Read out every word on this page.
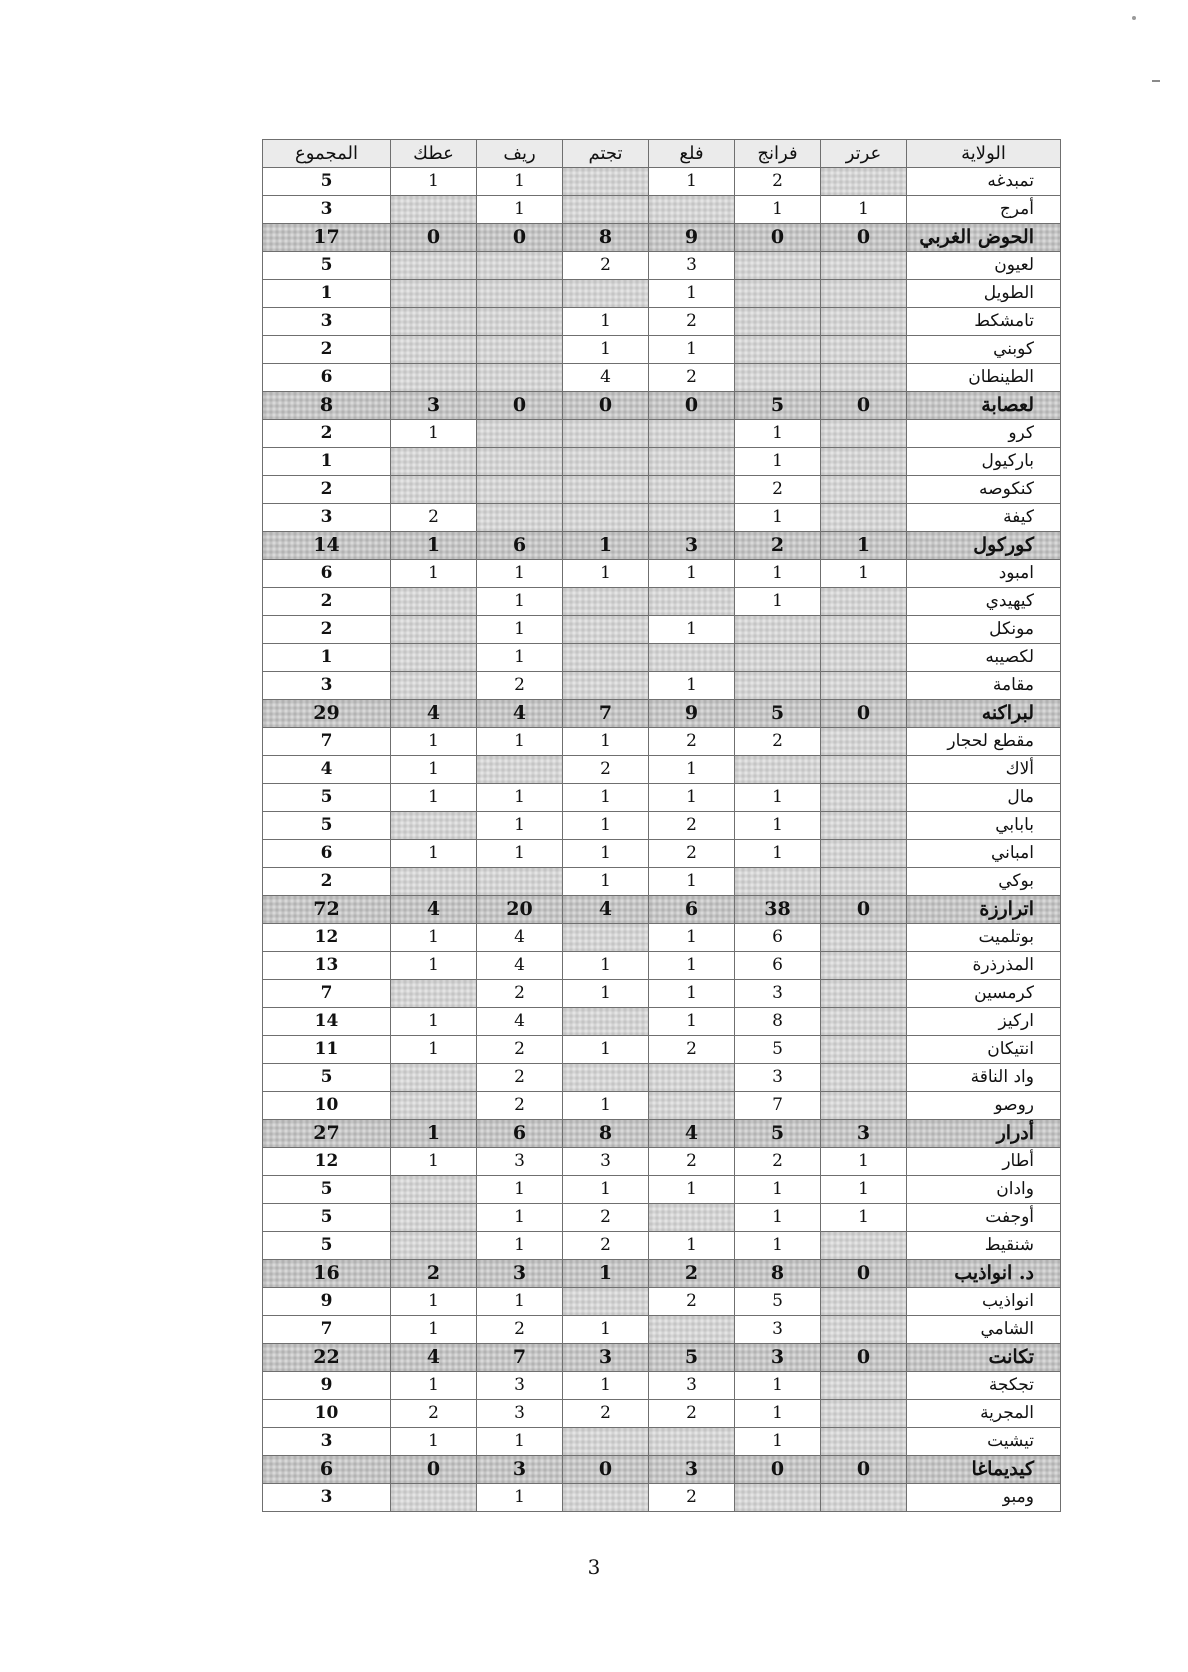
الولاية	عرتر	فرانج	فلع	تجتم	ريف	عطك	المجموع
تمبدغه		2	1		1	1	5
أمرج	1	1			1		3
الحوض الغربي	0	0	9	8	0	0	17
لعيون			3	2			5
الطويل			1				1
تامشكط			2	1			3
كوبني			1	1			2
الطينطان			2	4			6
لعصابة	0	5	0	0	0	3	8
كرو		1				1	2
باركيول		1					1
كنكوصه		2					2
كيفة		1				2	3
كوركول	1	2	3	1	6	1	14
امبود	1	1	1	1	1	1	6
كيهيدي		1			1		2
مونكل			1		1		2
لكصيبه					1		1
مقامة			1		2		3
لبراكنه	0	5	9	7	4	4	29
مقطع لحجار		2	2	1	1	1	7
ألاك			1	2		1	4
مال		1	1	1	1	1	5
بابابي		1	2	1	1		5
امباني		1	2	1	1	1	6
بوكي			1	1			2
اترارزة	0	38	6	4	20	4	72
بوتلميت		6	1		4	1	12
المذرذرة		6	1	1	4	1	13
كرمسين		3	1	1	2		7
اركيز		8	1		4	1	14
انتيكان		5	2	1	2	1	11
واد الناقة		3			2		5
روصو		7		1	2		10
أدرار	3	5	4	8	6	1	27
أطار	1	2	2	3	3	1	12
وادان	1	1	1	1	1		5
أوجفت	1	1		2	1		5
شنقيط		1	1	2	1		5
د. انواذيب	0	8	2	1	3	2	16
انواذيب		5	2		1	1	9
الشامي		3		1	2	1	7
تكانت	0	3	5	3	7	4	22
تجكجة		1	3	1	3	1	9
المجرية		1	2	2	3	2	10
تيشيت		1			1	1	3
كيديماغا	0	0	3	0	3	0	6
ومبو			2		1		3
3
